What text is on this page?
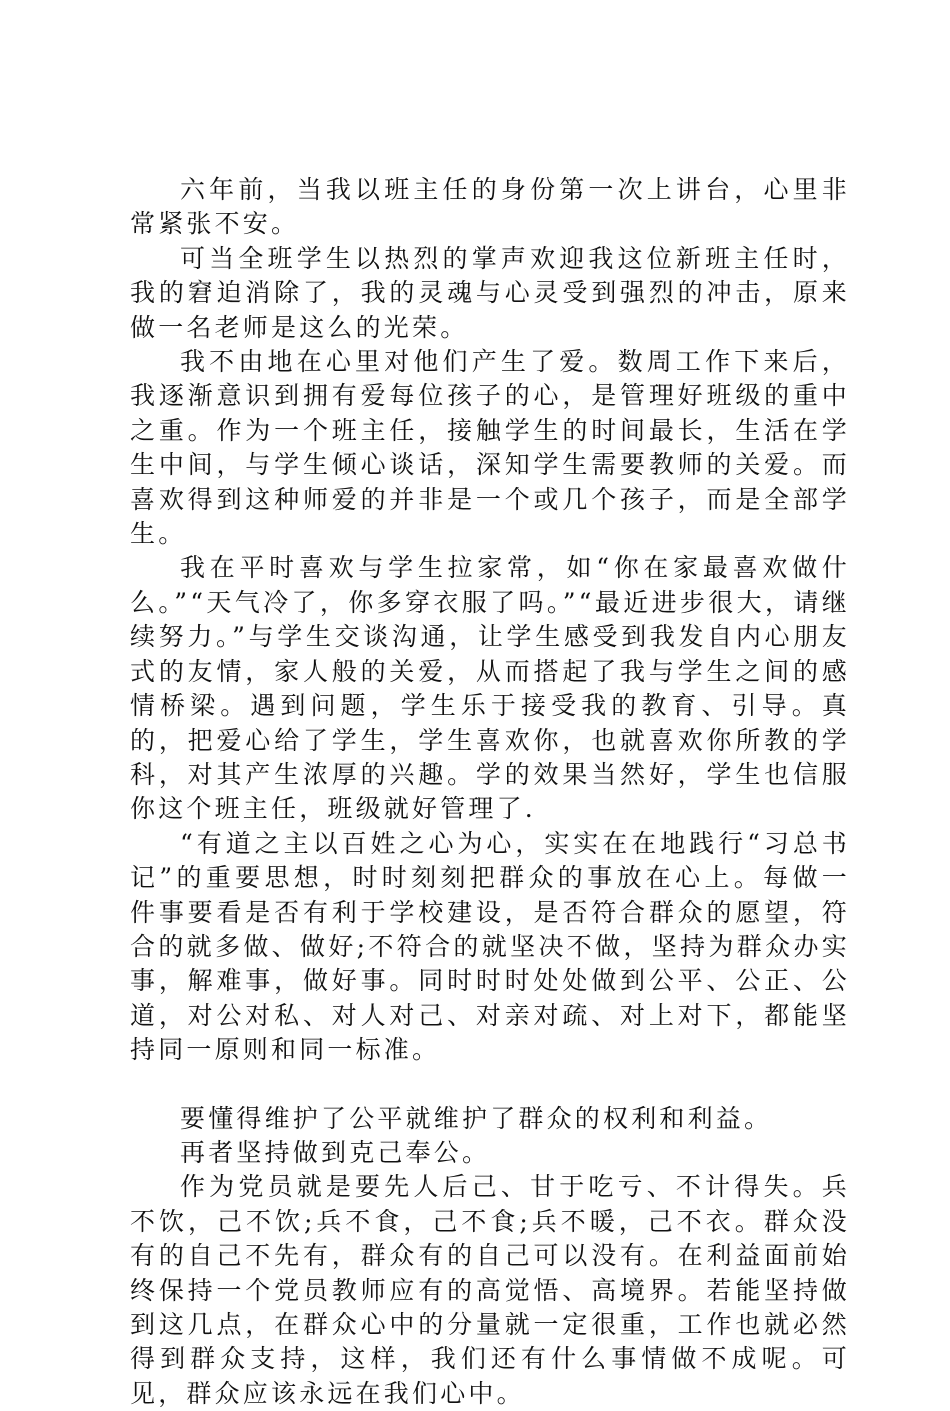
六年前，当我以班主任的身份第一次上讲台，心里非常紧张不安。

可当全班学生以热烈的掌声欢迎我这位新班主任时，我的窘迫消除了，我的灵魂与心灵受到强烈的冲击，原来做一名老师是这么的光荣。

我不由地在心里对他们产生了爱。数周工作下来后，我逐渐意识到拥有爱每位孩子的心，是管理好班级的重中之重。作为一个班主任，接触学生的时间最长，生活在学生中间，与学生倾心谈话，深知学生需要教师的关爱。而喜欢得到这种师爱的并非是一个或几个孩子，而是全部学生。

我在平时喜欢与学生拉家常，如“你在家最喜欢做什么。”“天气冷了，你多穿衣服了吗。”“最近进步很大，请继续努力。”与学生交谈沟通，让学生感受到我发自内心朋友式的友情，家人般的关爱，从而搭起了我与学生之间的感情桥梁。遇到问题，学生乐于接受我的教育、引导。真的，把爱心给了学生，学生喜欢你，也就喜欢你所教的学科，对其产生浓厚的兴趣。学的效果当然好，学生也信服你这个班主任，班级就好管理了.

“有道之主以百姓之心为心，实实在在地践行“习总书记”的重要思想，时时刻刻把群众的事放在心上。每做一件事要看是否有利于学校建设，是否符合群众的愿望，符合的就多做、做好;不符合的就坚决不做，坚持为群众办实事，解难事，做好事。同时时时处处做到公平、公正、公道，对公对私、对人对己、对亲对疏、对上对下，都能坚持同一原则和同一标准。

要懂得维护了公平就维护了群众的权利和利益。

再者坚持做到克己奉公。

作为党员就是要先人后己、甘于吃亏、不计得失。兵不饮，己不饮;兵不食，己不食;兵不暖，己不衣。群众没有的自己不先有，群众有的自己可以没有。在利益面前始终保持一个党员教师应有的高觉悟、高境界。若能坚持做到这几点，在群众心中的分量就一定很重，工作也就必然得到群众支持，这样，我们还有什么事情做不成呢。可见，群众应该永远在我们心中。
